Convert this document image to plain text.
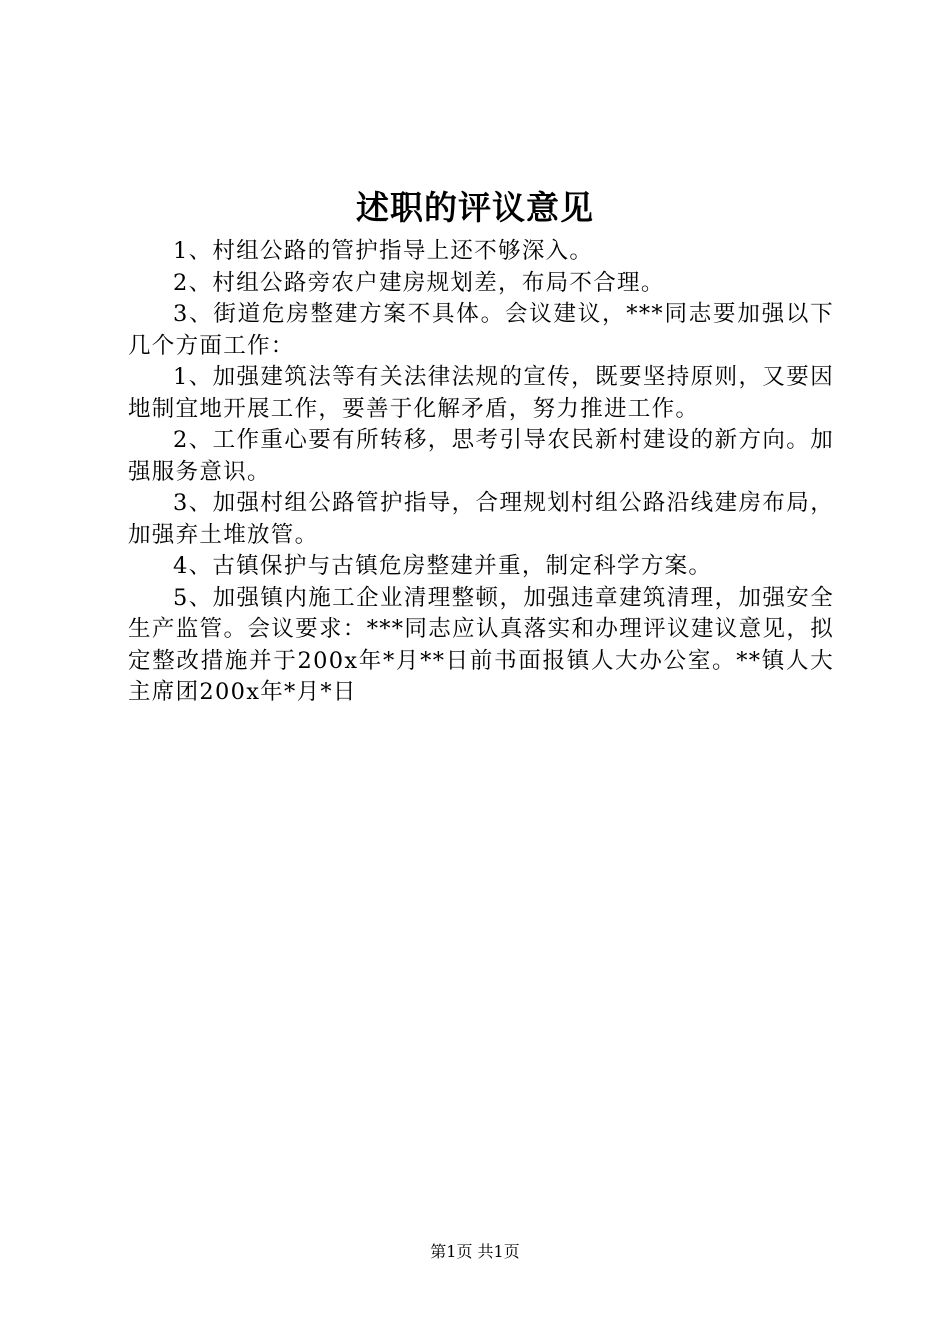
述职的评议意见

1、村组公路的管护指导上还不够深入。

2、村组公路旁农户建房规划差，布局不合理。

3、街道危房整建方案不具体。会议建议，***同志要加强以下几个方面工作：

1、加强建筑法等有关法律法规的宣传，既要坚持原则，又要因地制宜地开展工作，要善于化解矛盾，努力推进工作。

2、工作重心要有所转移，思考引导农民新村建设的新方向。加强服务意识。

3、加强村组公路管护指导，合理规划村组公路沿线建房布局，加强弃土堆放管。

4、古镇保护与古镇危房整建并重，制定科学方案。

5、加强镇内施工企业清理整顿，加强违章建筑清理，加强安全生产监管。会议要求：***同志应认真落实和办理评议建议意见，拟定整改措施并于200x年*月**日前书面报镇人大办公室。**镇人大主席团200x年*月*日

第1页 共1页
